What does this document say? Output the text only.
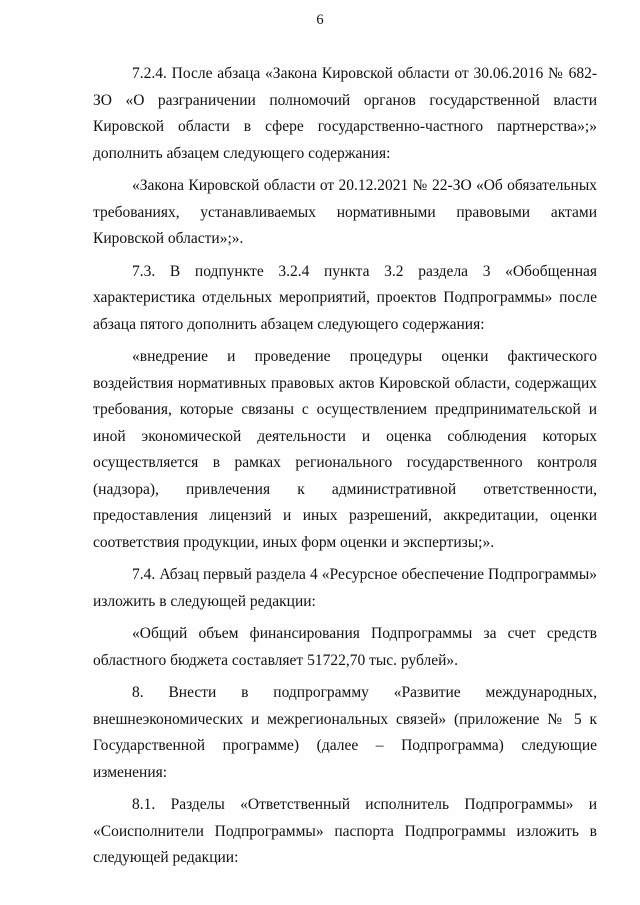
6

7.2.4. После абзаца «Закона Кировской области от 30.06.2016 № 682-ЗО «О разграничении полномочий органов государственной власти Кировской области в сфере государственно-частного партнерства»;» дополнить абзацем следующего содержания:

«Закона Кировской области от 20.12.2021 № 22-ЗО «Об обязательных требованиях, устанавливаемых нормативными правовыми актами Кировской области»;».

7.3. В подпункте 3.2.4 пункта 3.2 раздела 3 «Обобщенная характеристика отдельных мероприятий, проектов Подпрограммы» после абзаца пятого дополнить абзацем следующего содержания:

«внедрение и проведение процедуры оценки фактического воздействия нормативных правовых актов Кировской области, содержащих требования, которые связаны с осуществлением предпринимательской и иной экономической деятельности и оценка соблюдения которых осуществляется в рамках регионального государственного контроля (надзора), привлечения к административной ответственности, предоставления лицензий и иных разрешений, аккредитации, оценки соответствия продукции, иных форм оценки и экспертизы;».

7.4. Абзац первый раздела 4 «Ресурсное обеспечение Подпрограммы» изложить в следующей редакции:

«Общий объем финансирования Подпрограммы за счет средств областного бюджета составляет 51722,70 тыс. рублей».

8. Внести в подпрограмму «Развитие международных, внешнеэкономических и межрегиональных связей» (приложение № 5 к Государственной программе) (далее – Подпрограмма) следующие изменения:

8.1. Разделы «Ответственный исполнитель Подпрограммы» и «Соисполнители Подпрограммы» паспорта Подпрограммы изложить в следующей редакции:
